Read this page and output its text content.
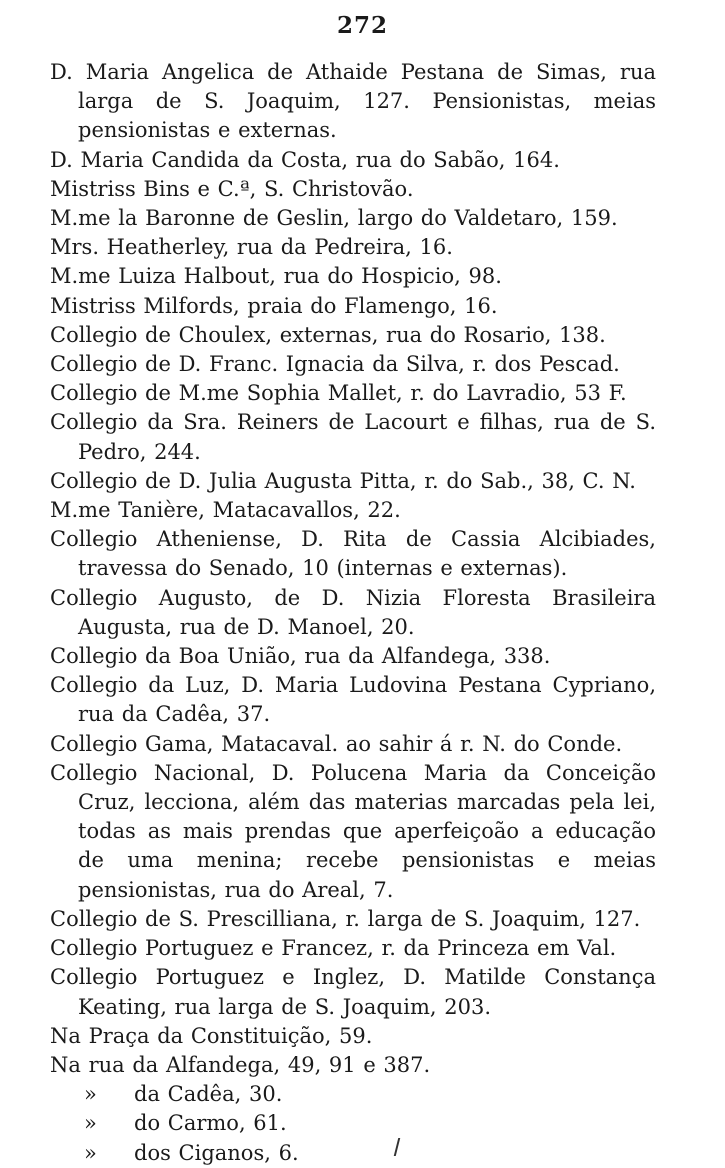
272

D. Maria Angelica de Athaide Pestana de Simas, rua larga de S. Joaquim, 127. Pensionistas, meias pensionistas e externas.

D. Maria Candida da Costa, rua do Sabão, 164.

Mistriss Bins e C.ª, S. Christovão.

M.me la Baronne de Geslin, largo do Valdetaro, 159.

Mrs. Heatherley, rua da Pedreira, 16.

M.me Luiza Halbout, rua do Hospicio, 98.

Mistriss Milfords, praia do Flamengo, 16.

Collegio de Choulex, externas, rua do Rosario, 138.

Collegio de D. Franc. Ignacia da Silva, r. dos Pescad.

Collegio de M.me Sophia Mallet, r. do Lavradio, 53 F.

Collegio da Sra. Reiners de Lacourt e filhas, rua de S. Pedro, 244.

Collegio de D. Julia Augusta Pitta, r. do Sab., 38, C. N.

M.me Tanière, Matacavallos, 22.

Collegio Atheniense, D. Rita de Cassia Alcibiades, travessa do Senado, 10 (internas e externas).

Collegio Augusto, de D. Nizia Floresta Brasileira Augusta, rua de D. Manoel, 20.

Collegio da Boa União, rua da Alfandega, 338.

Collegio da Luz, D. Maria Ludovina Pestana Cypriano, rua da Cadêa, 37.

Collegio Gama, Matacaval. ao sahir á r. N. do Conde.

Collegio Nacional, D. Polucena Maria da Conceição Cruz, lecciona, além das materias marcadas pela lei, todas as mais prendas que aperfeiçoão a educação de uma menina; recebe pensionistas e meias pensionistas, rua do Areal, 7.

Collegio de S. Prescilliana, r. larga de S. Joaquim, 127.

Collegio Portuguez e Francez, r. da Princeza em Val.

Collegio Portuguez e Inglez, D. Matilde Constança Keating, rua larga de S. Joaquim, 203.

Na Praça da Constituição, 59.

Na rua da Alfandega, 49, 91 e 387.

» da Cadêa, 30.

» do Carmo, 61.

» dos Ciganos, 6.
